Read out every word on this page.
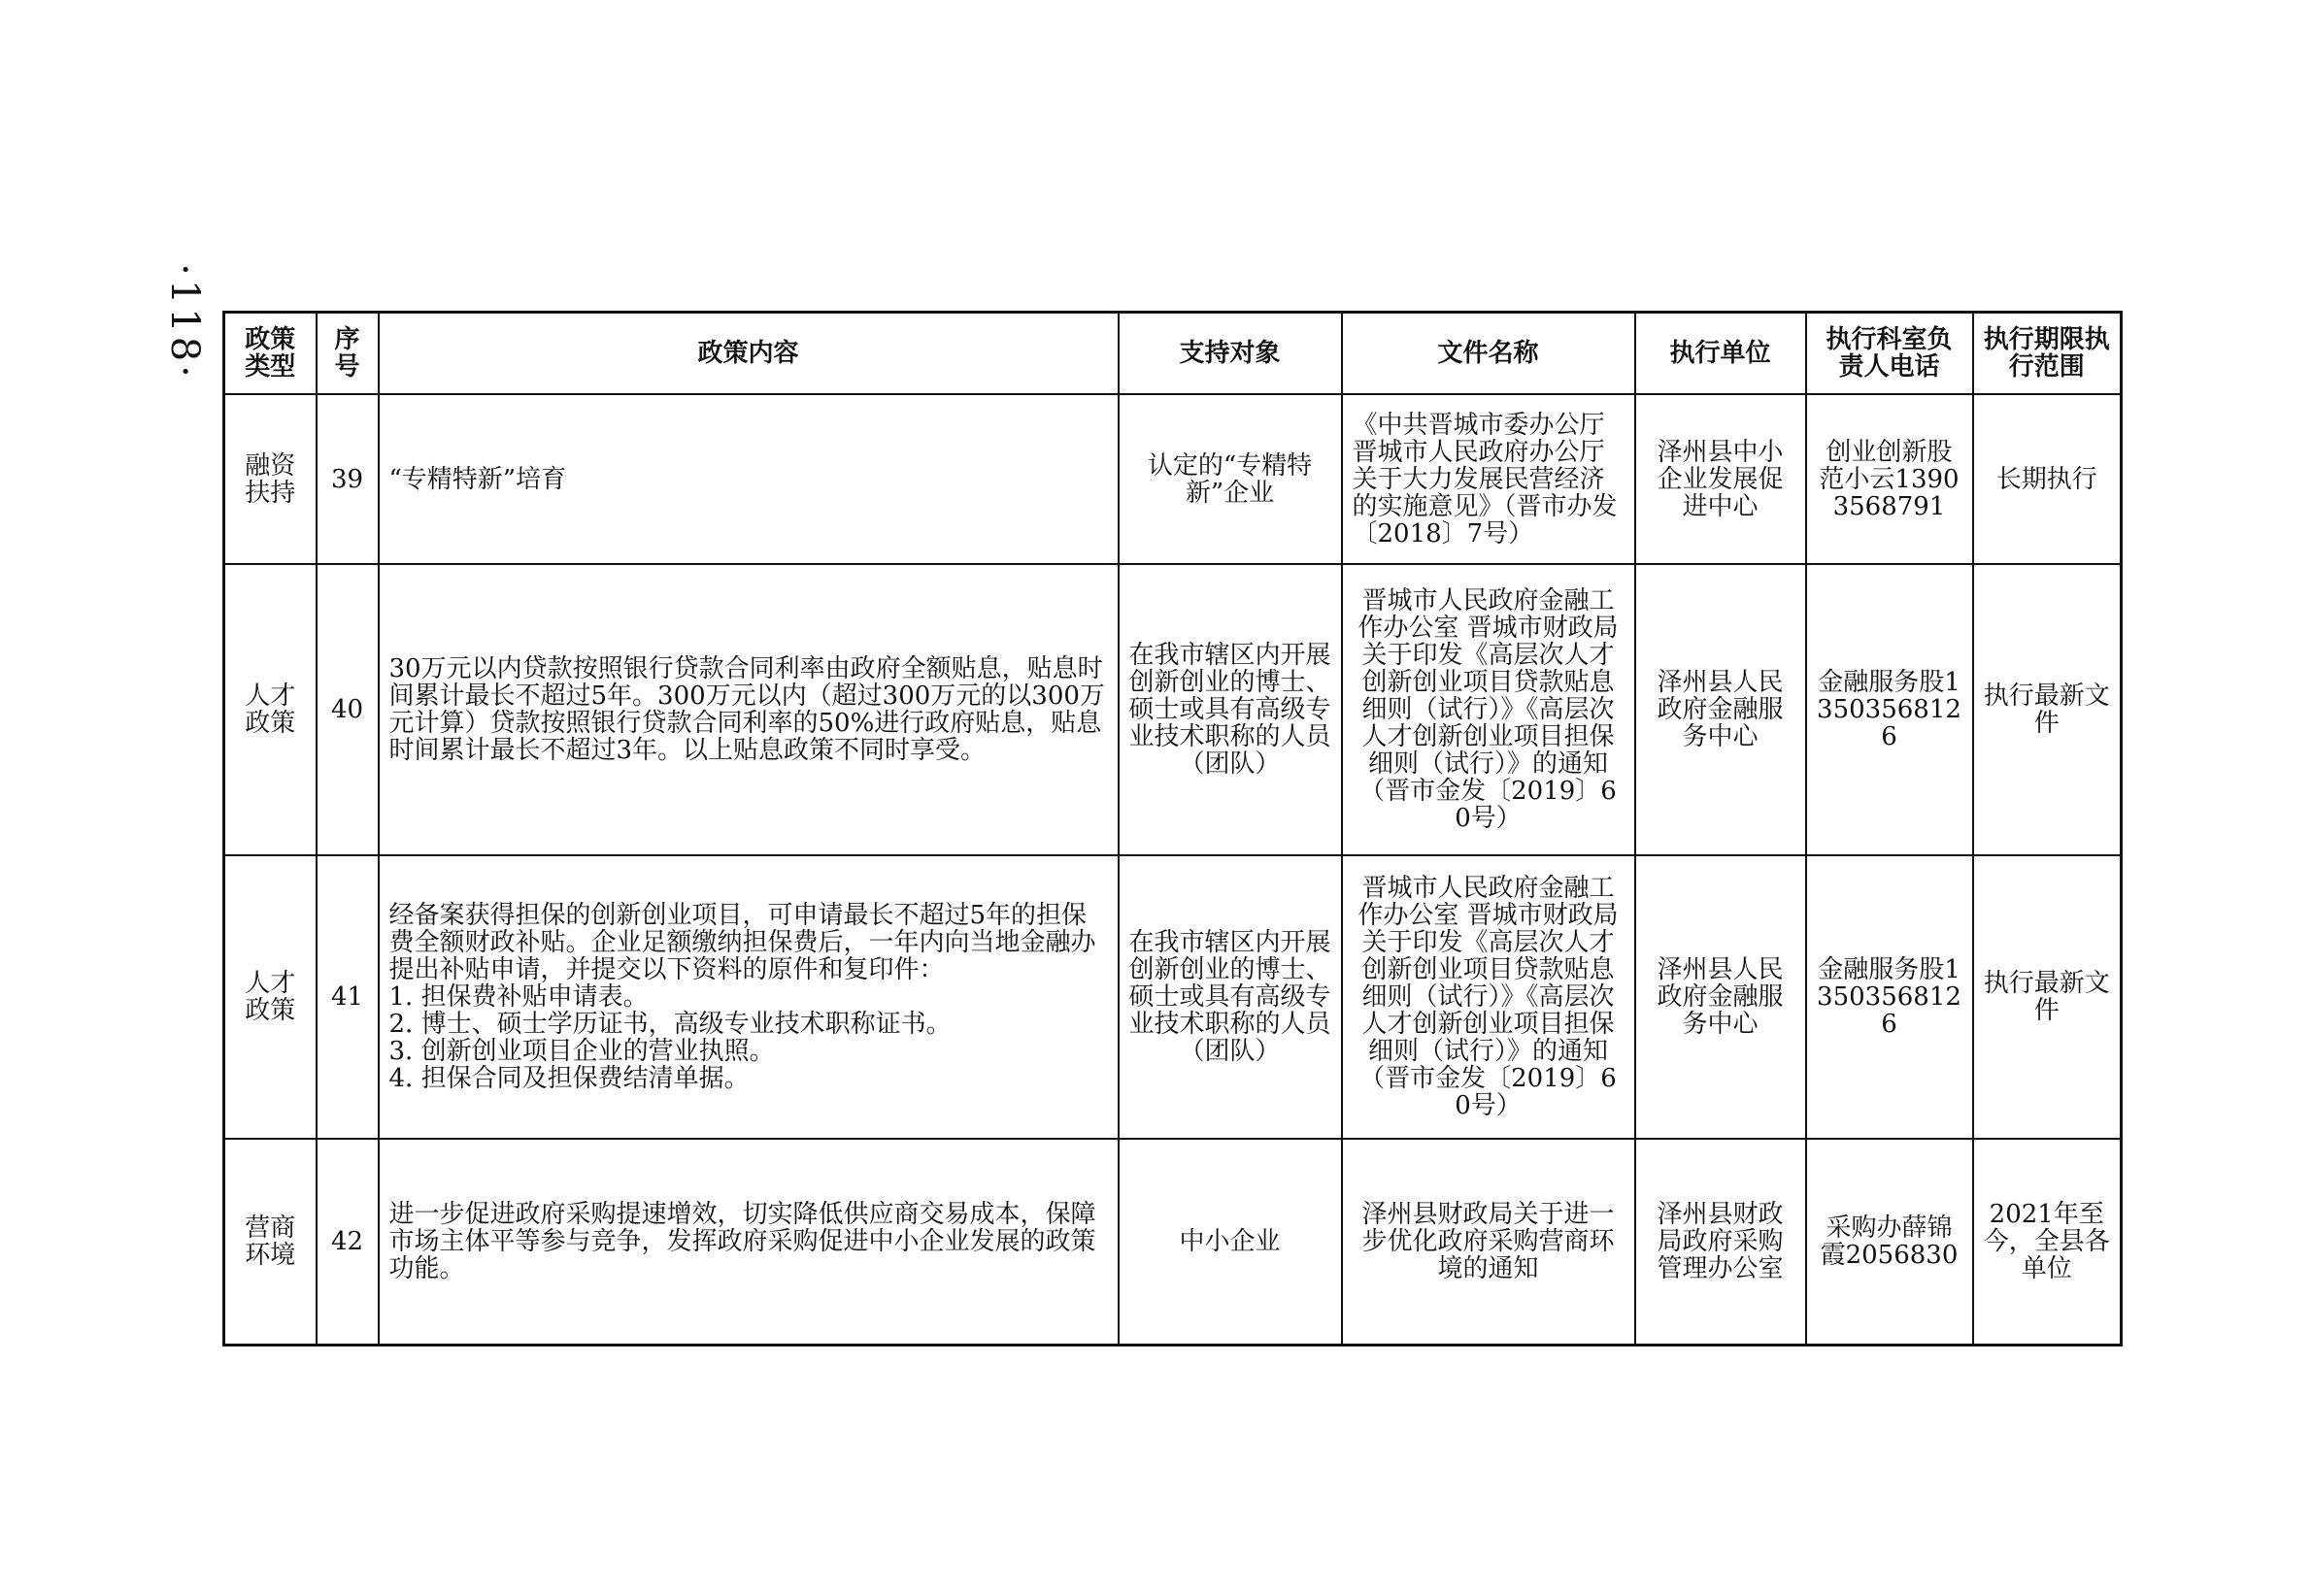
·118· 政策类型	序号	政策内容	支持对象	文件名称	执行单位	执行科室负责人电话	执行期限执行范围
融资扶持	39	“专精特新”培育	认定的“专精特新”企业	《中共晋城市委办公厅晋城市人民政府办公厅关于大力发展民营经济的实施意见》（晋市办发〔2018〕7号）	泽州县中小企业发展促进中心	创业创新股范小云13903568791	长期执行
人才政策	40	30万元以内贷款按照银行贷款合同利率由政府全额贴息，贴息时间累计最长不超过5年。300万元以内（超过300万元的以300万元计算）贷款按照银行贷款合同利率的50%进行政府贴息，贴息时间累计最长不超过3年。以上贴息政策不同时享受。	在我市辖区内开展创新创业的博士、硕士或具有高级专业技术职称的人员（团队）	晋城市人民政府金融工作办公室 晋城市财政局关于印发《高层次人才创新创业项目贷款贴息细则（试行）》《高层次人才创新创业项目担保细则（试行）》的通知（晋市金发〔2019〕60号）	泽州县人民政府金融服务中心	金融服务股13503568126	执行最新文件
人才政策	41	经备案获得担保的创新创业项目，可申请最长不超过5年的担保费全额财政补贴。企业足额缴纳担保费后，一年内向当地金融办提出补贴申请，并提交以下资料的原件和复印件：
1. 担保费补贴申请表。
2. 博士、硕士学历证书，高级专业技术职称证书。
3. 创新创业项目企业的营业执照。
4. 担保合同及担保费结清单据。	在我市辖区内开展创新创业的博士、硕士或具有高级专业技术职称的人员（团队）	晋城市人民政府金融工作办公室 晋城市财政局关于印发《高层次人才创新创业项目贷款贴息细则（试行）》《高层次人才创新创业项目担保细则（试行）》的通知（晋市金发〔2019〕60号）	泽州县人民政府金融服务中心	金融服务股13503568126	执行最新文件
营商环境	42	进一步促进政府采购提速增效，切实降低供应商交易成本，保障市场主体平等参与竞争，发挥政府采购促进中小企业发展的政策功能。	中小企业	泽州县财政局关于进一步优化政府采购营商环境的通知	泽州县财政局政府采购管理办公室	采购办薛锦霞2056830	2021年至今，全县各单位
